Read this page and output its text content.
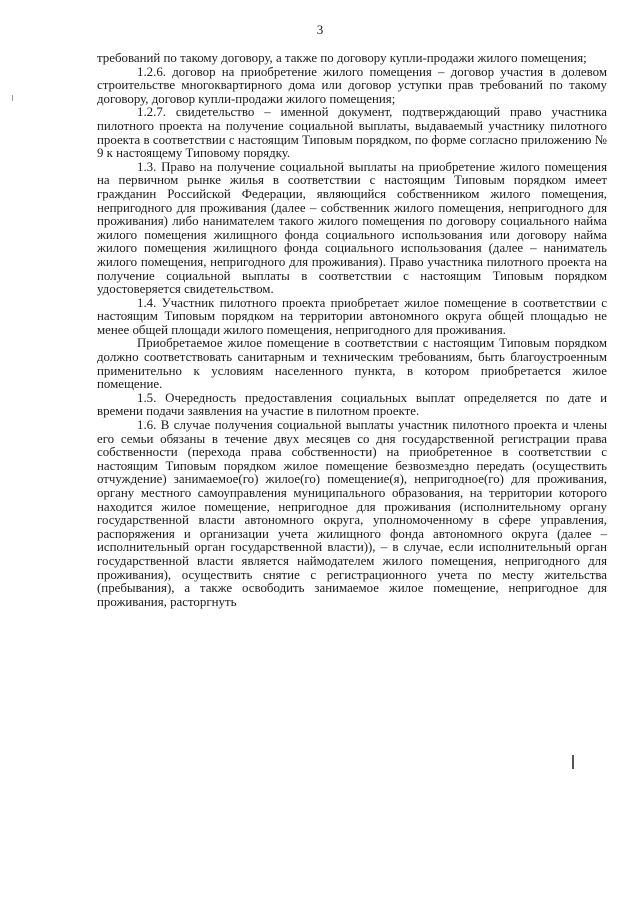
3

требований по такому договору, а также по договору купли-продажи жилого помещения;

1.2.6. договор на приобретение жилого помещения – договор участия в долевом строительстве многоквартирного дома или договор уступки прав требований по такому договору, договор купли-продажи жилого помещения;

1.2.7. свидетельство – именной документ, подтверждающий право участника пилотного проекта на получение социальной выплаты, выдаваемый участнику пилотного проекта в соответствии с настоящим Типовым порядком, по форме согласно приложению № 9 к настоящему Типовому порядку.

1.3. Право на получение социальной выплаты на приобретение жилого помещения на первичном рынке жилья в соответствии с настоящим Типовым порядком имеет гражданин Российской Федерации, являющийся собственником жилого помещения, непригодного для проживания (далее – собственник жилого помещения, непригодного для проживания) либо нанимателем такого жилого помещения по договору социального найма жилого помещения жилищного фонда социального использования или договору найма жилого помещения жилищного фонда социального использования (далее – наниматель жилого помещения, непригодного для проживания). Право участника пилотного проекта на получение социальной выплаты в соответствии с настоящим Типовым порядком удостоверяется свидетельством.

1.4. Участник пилотного проекта приобретает жилое помещение в соответствии с настоящим Типовым порядком на территории автономного округа общей площадью не менее общей площади жилого помещения, непригодного для проживания.

Приобретаемое жилое помещение в соответствии с настоящим Типовым порядком должно соответствовать санитарным и техническим требованиям, быть благоустроенным применительно к условиям населенного пункта, в котором приобретается жилое помещение.

1.5. Очередность предоставления социальных выплат определяется по дате и времени подачи заявления на участие в пилотном проекте.

1.6. В случае получения социальной выплаты участник пилотного проекта и члены его семьи обязаны в течение двух месяцев со дня государственной регистрации права собственности (перехода права собственности) на приобретенное в соответствии с настоящим Типовым порядком жилое помещение безвозмездно передать (осуществить отчуждение) занимаемое(го) жилое(го) помещение(я), непригодное(го) для проживания, органу местного самоуправления муниципального образования, на территории которого находится жилое помещение, непригодное для проживания (исполнительному органу государственной власти автономного округа, уполномоченному в сфере управления, распоряжения и организации учета жилищного фонда автономного округа (далее – исполнительный орган государственной власти)), – в случае, если исполнительный орган государственной власти является наймодателем жилого помещения, непригодного для проживания), осуществить снятие с регистрационного учета по месту жительства (пребывания), а также освободить занимаемое жилое помещение, непригодное для проживания, расторгнуть
